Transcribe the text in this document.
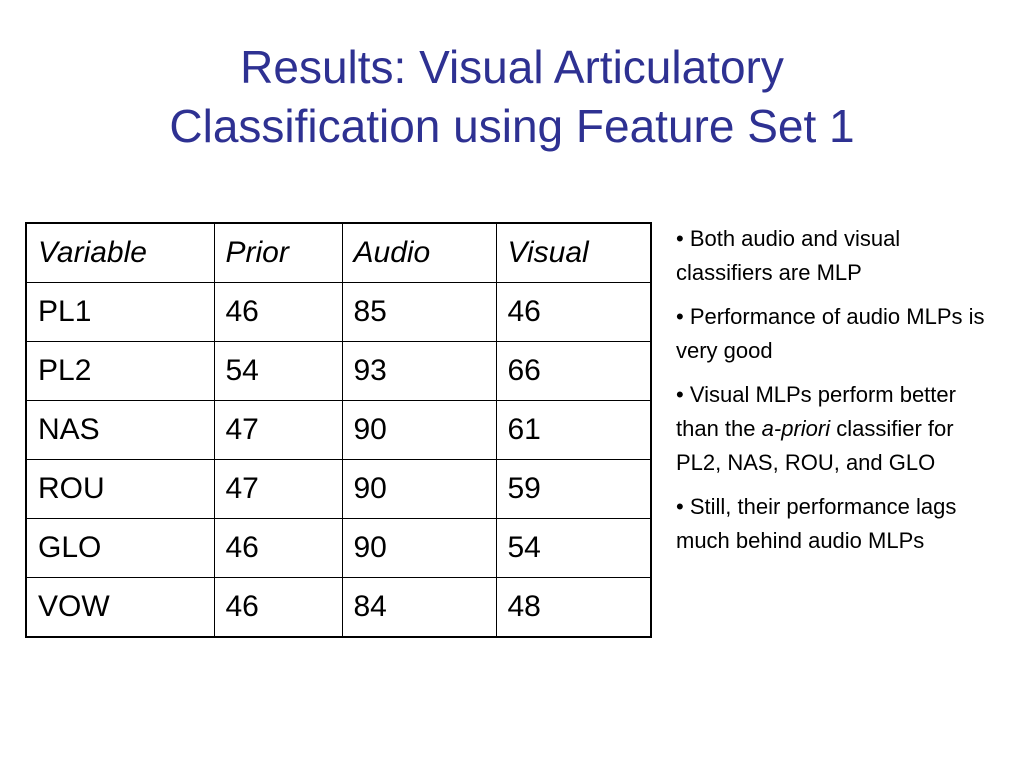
Results: Visual Articulatory
Classification using Feature Set 1
Variable	Prior	Audio	Visual
PL1	46	85	46
PL2	54	93	66
NAS	47	90	61
ROU	47	90	59
GLO	46	90	54
VOW	46	84	48

• Both audio and visual classifiers are MLP

• Performance of audio MLPs is very good

• Visual MLPs perform better than the a-priori classifier for PL2, NAS, ROU, and GLO

• Still, their performance lags much behind audio MLPs
